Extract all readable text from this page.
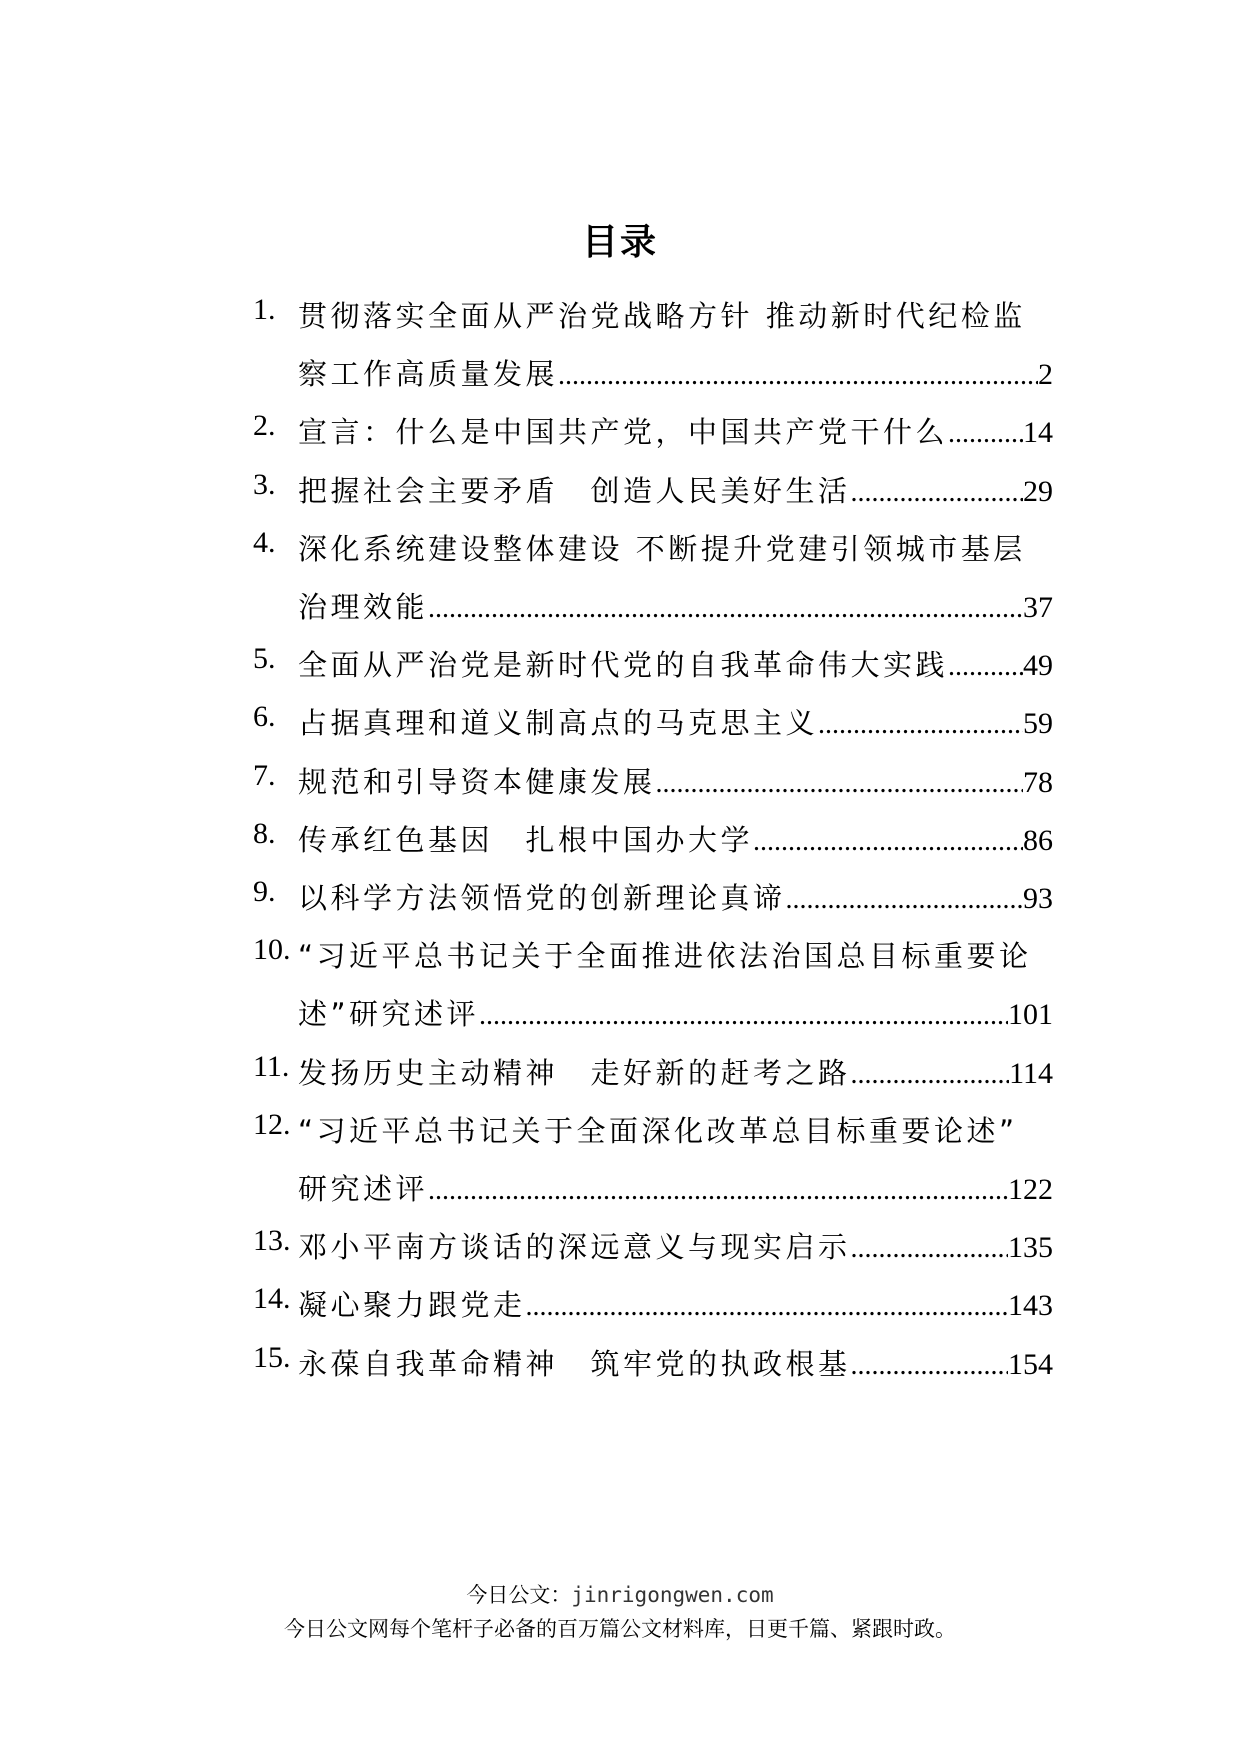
目录
1. 贯彻落实全面从严治党战略方针 推动新时代纪检监
察工作高质量发展 .....	2
2. 宣言：什么是中国共产党，中国共产党干什么 ..... 14
3. 把握社会主要矛盾　创造人民美好生活 .....	29
4. 深化系统建设整体建设 不断提升党建引领城市基层
治理效能 .....	37
5. 全面从严治党是新时代党的自我革命伟大实践 ..... 49
6. 占据真理和道义制高点的马克思主义 .....	59
7. 规范和引导资本健康发展 .....	78
8. 传承红色基因　扎根中国办大学 .....	86
9. 以科学方法领悟党的创新理论真谛 .....	93
10. “习近平总书记关于全面推进依法治国总目标重要论
述”研究述评 .....	101
11. 发扬历史主动精神　走好新的赶考之路 .....	114
12. “习近平总书记关于全面深化改革总目标重要论述”
研究述评 .....	122
13. 邓小平南方谈话的深远意义与现实启示 .....	135
14. 凝心聚力跟党走 .....	143
15. 永葆自我革命精神　筑牢党的执政根基 .....	154
今日公文：jinrigongwen.com
今日公文网每个笔杆子必备的百万篇公文材料库，日更千篇、紧跟时政。
